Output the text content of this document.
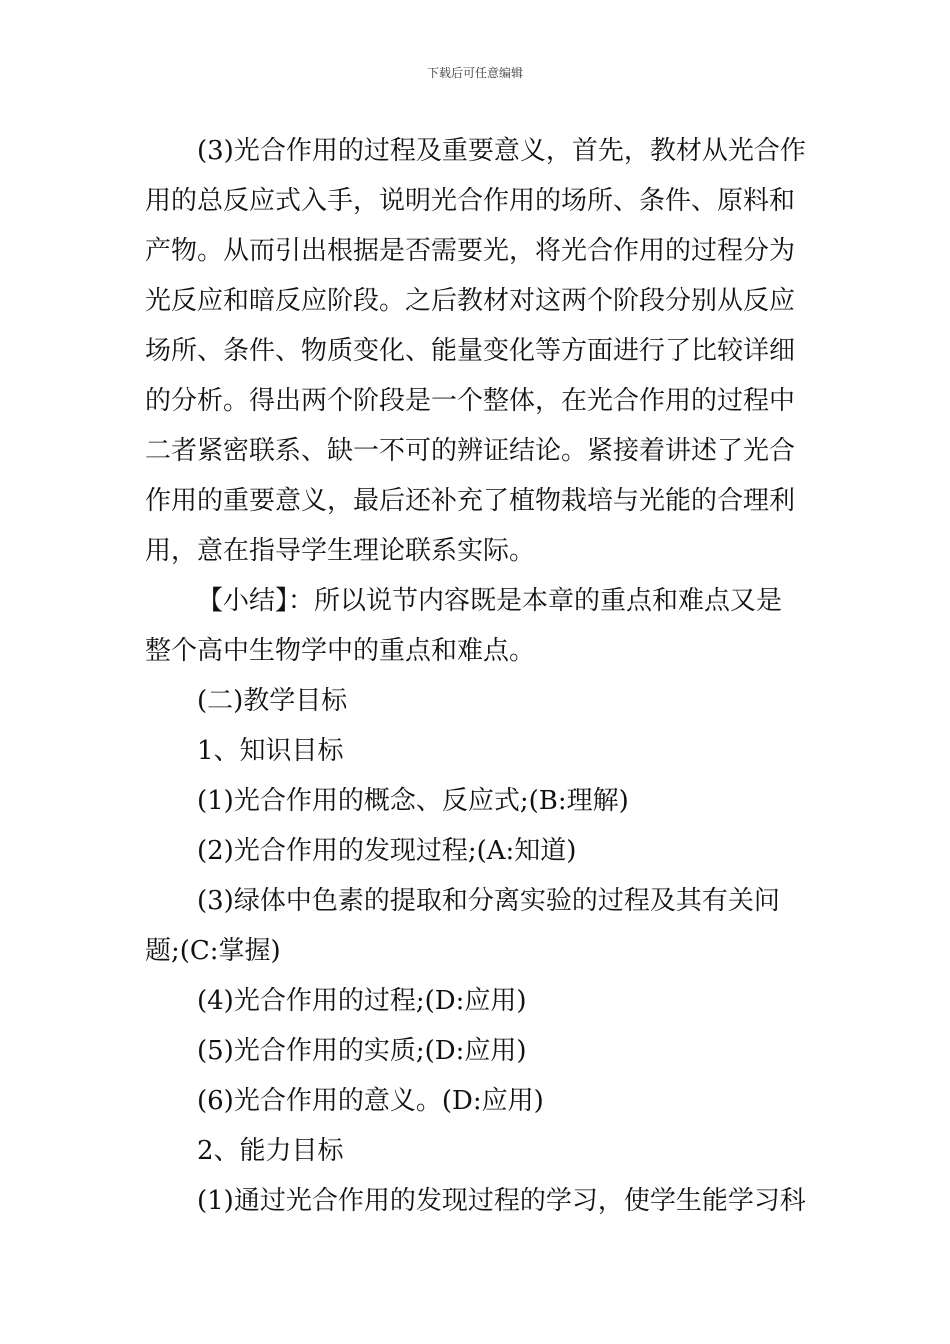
下载后可任意编辑

(3)光合作用的过程及重要意义，首先，教材从光合作用的总反应式入手，说明光合作用的场所、条件、原料和产物。从而引出根据是否需要光，将光合作用的过程分为光反应和暗反应阶段。之后教材对这两个阶段分别从反应场所、条件、物质变化、能量变化等方面进行了比较详细的分析。得出两个阶段是一个整体，在光合作用的过程中二者紧密联系、缺一不可的辨证结论。紧接着讲述了光合作用的重要意义，最后还补充了植物栽培与光能的合理利用，意在指导学生理论联系实际。

【小结】：所以说节内容既是本章的重点和难点又是整个高中生物学中的重点和难点。

(二)教学目标

1、知识目标

(1)光合作用的概念、反应式;(B:理解)

(2)光合作用的发现过程;(A:知道)

(3)绿体中色素的提取和分离实验的过程及其有关问题;(C:掌握)

(4)光合作用的过程;(D:应用)

(5)光合作用的实质;(D:应用)

(6)光合作用的意义。(D:应用)

2、能力目标

(1)通过光合作用的发现过程的学习，使学生能学习科
